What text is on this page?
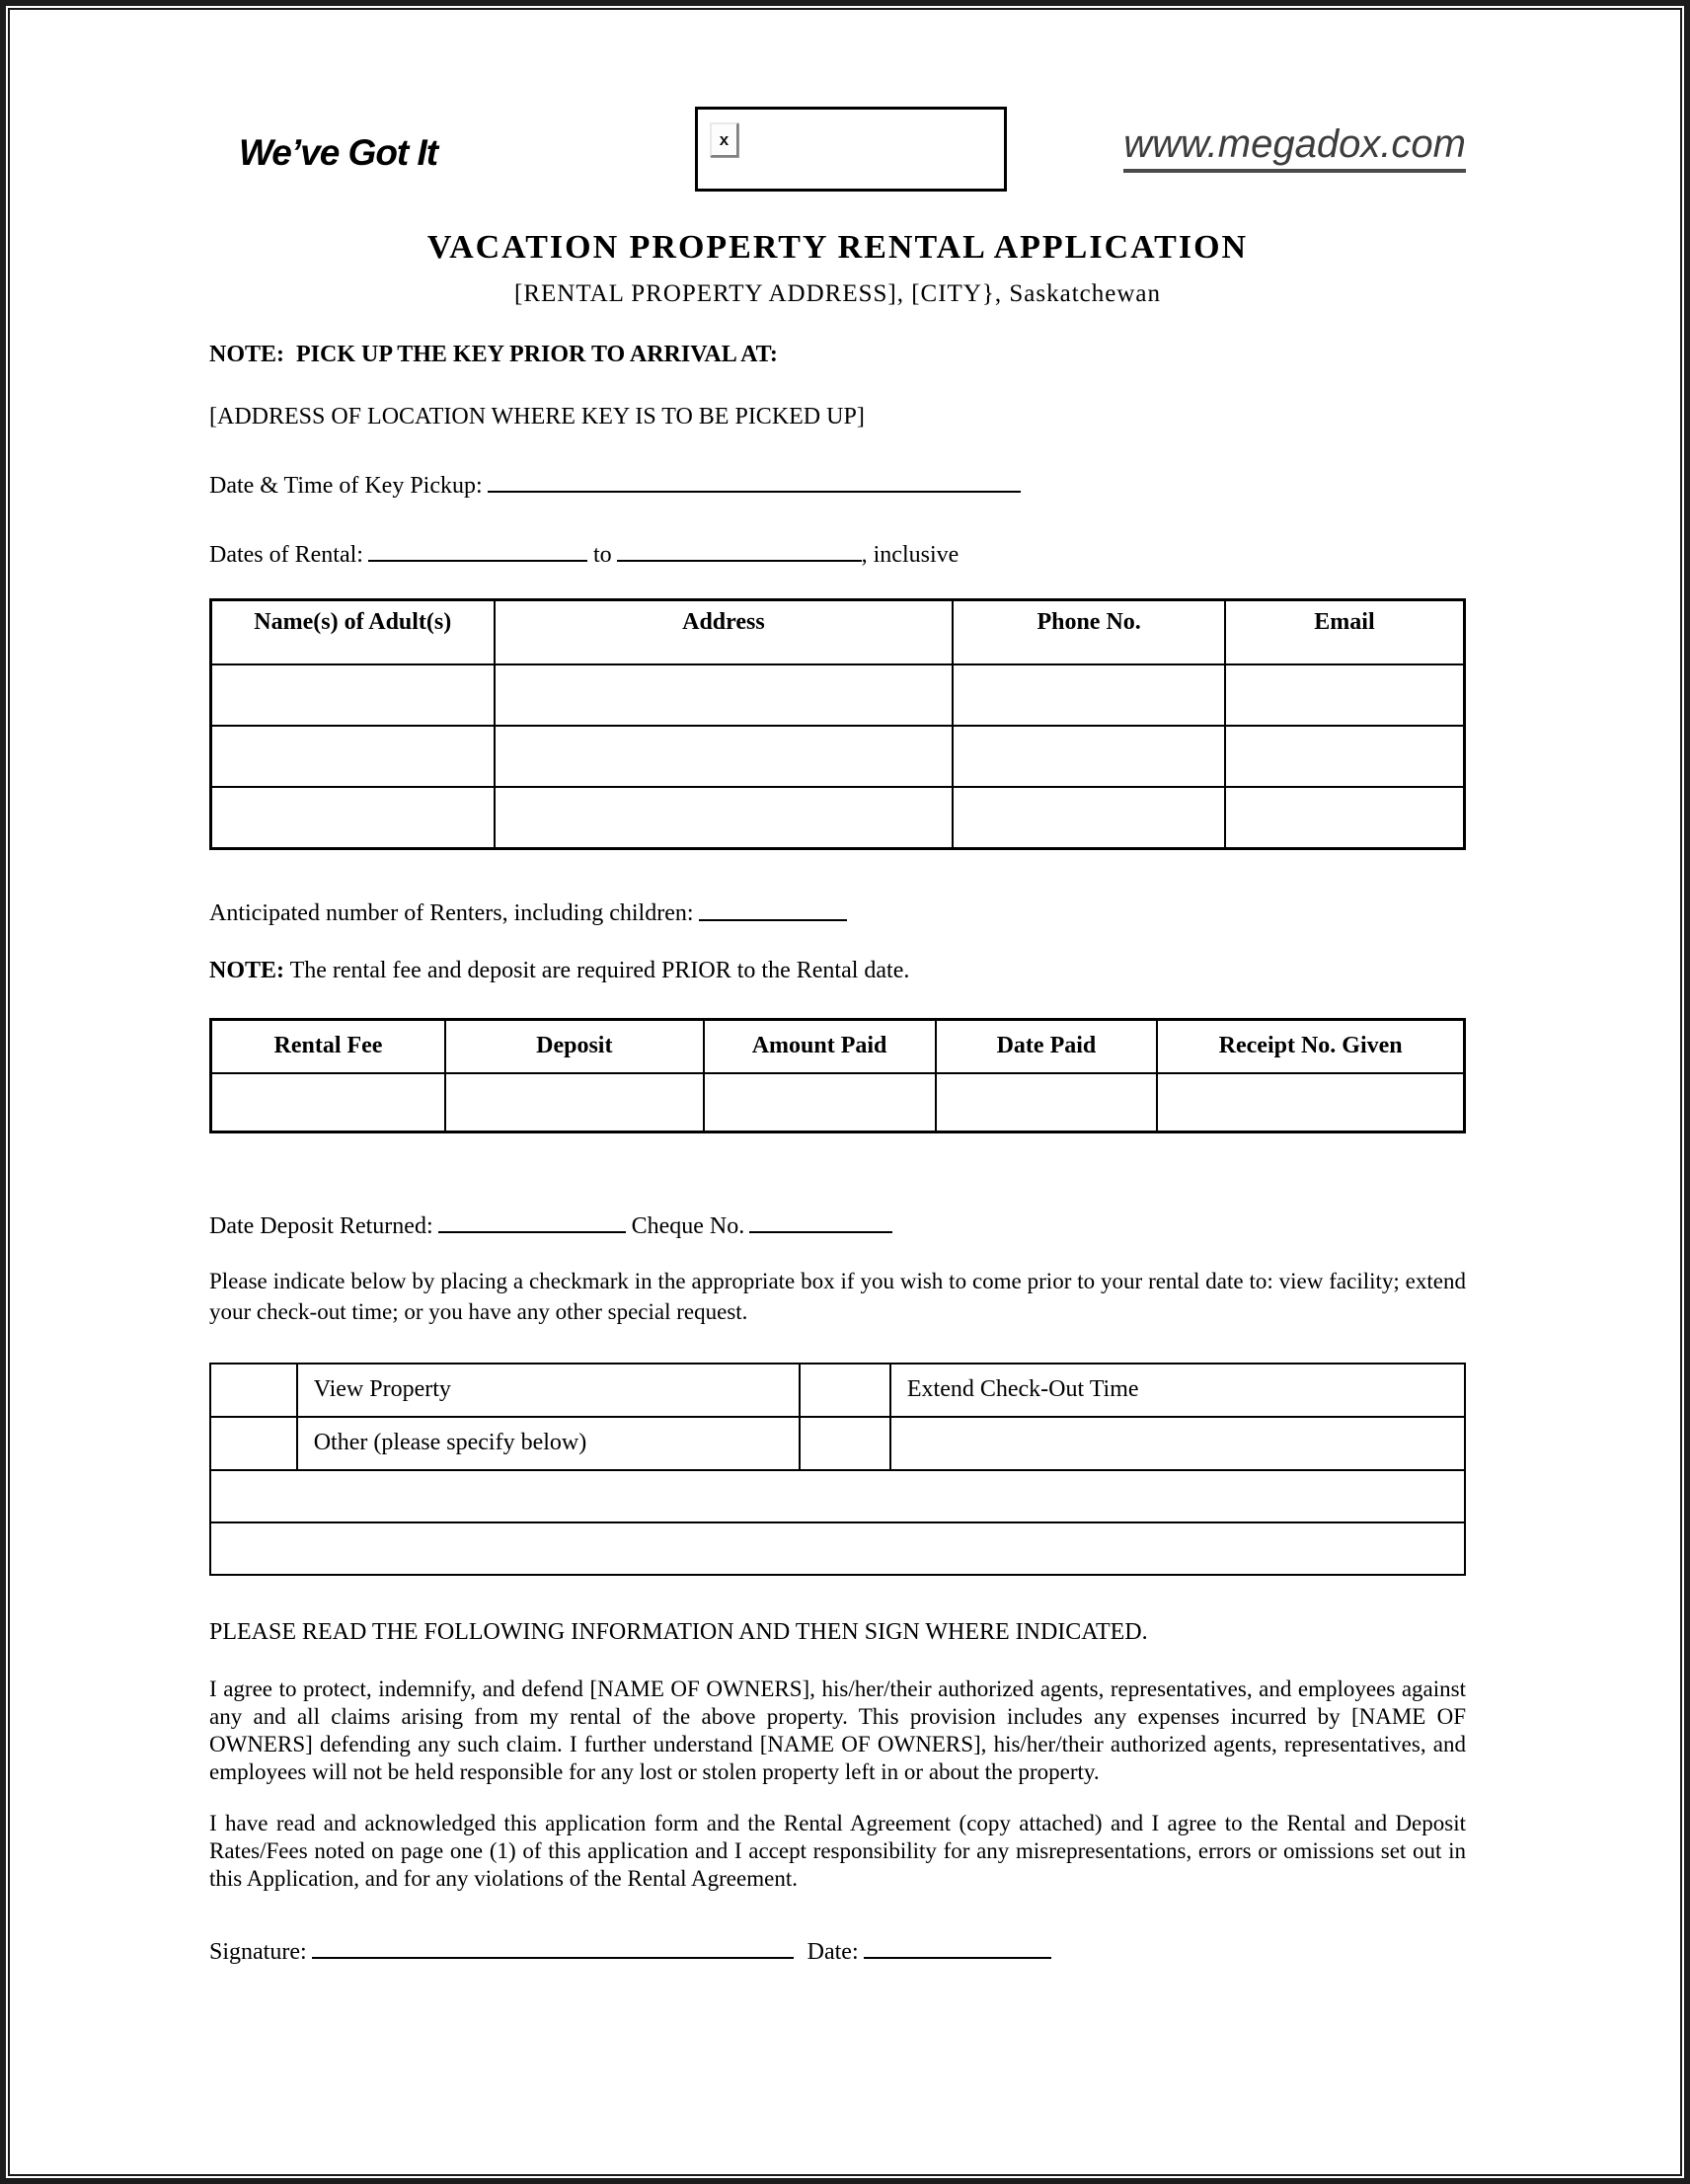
We’ve Got It	x	www.megadox.com
VACATION PROPERTY RENTAL APPLICATION
[RENTAL PROPERTY ADDRESS], [CITY}, Saskatchewan
NOTE:  PICK UP THE KEY PRIOR TO ARRIVAL AT:
[ADDRESS OF LOCATION WHERE KEY IS TO BE PICKED UP]
Date & Time of Key Pickup:
Dates of Rental:	to	, inclusive
Name(s) of Adult(s)	Address	Phone No.	Email

Anticipated number of Renters, including children:
NOTE: The rental fee and deposit are required PRIOR to the Rental date.
Rental Fee	Deposit	Amount Paid	Date Paid	Receipt No. Given

Date Deposit Returned:	Cheque No.
Please indicate below by placing a checkmark in the appropriate box if you wish to come prior to your rental date to: view facility; extend your check-out time; or you have any other special request.
	View Property		Extend Check-Out Time
	Other (please specify below)		

PLEASE READ THE FOLLOWING INFORMATION AND THEN SIGN WHERE INDICATED.
I agree to protect, indemnify, and defend [NAME OF OWNERS], his/her/their authorized agents, representatives, and employees against any and all claims arising from my rental of the above property. This provision includes any expenses incurred by [NAME OF OWNERS] defending any such claim. I further understand [NAME OF OWNERS], his/her/their authorized agents, representatives, and employees will not be held responsible for any lost or stolen property left in or about the property.
I have read and acknowledged this application form and the Rental Agreement (copy attached) and I agree to the Rental and Deposit Rates/Fees noted on page one (1) of this application and I accept responsibility for any misrepresentations, errors or omissions set out in this Application, and for any violations of the Rental Agreement.
Signature:	Date:
